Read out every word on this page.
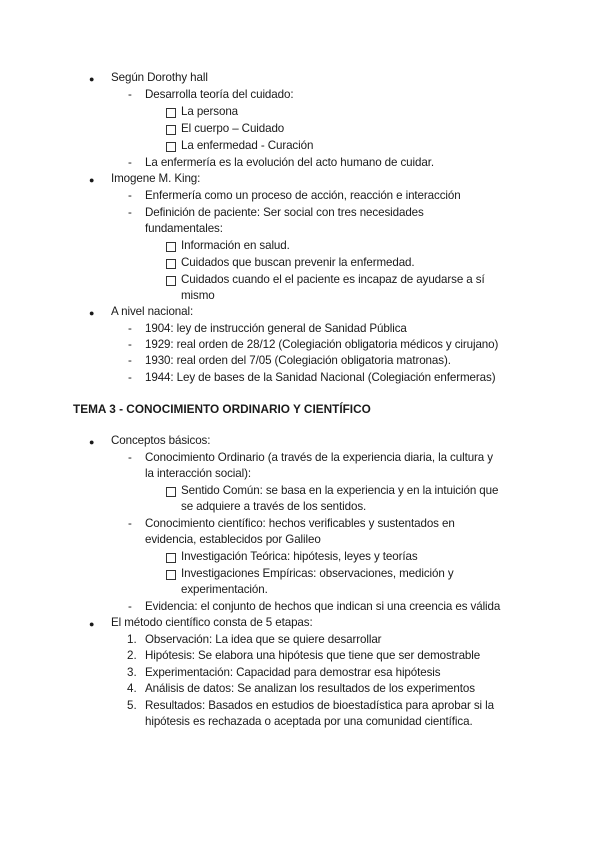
● Según Dorothy hall
- Desarrolla teoría del cuidado:
La persona
El cuerpo – Cuidado
La enfermedad - Curación
- La enfermería es la evolución del acto humano de cuidar.
● Imogene M. King:
- Enfermería como un proceso de acción, reacción e interacción
- Definición de paciente: Ser social con tres necesidades
fundamentales:
Información en salud.
Cuidados que buscan prevenir la enfermedad.
Cuidados cuando el el paciente es incapaz de ayudarse a sí
mismo
● A nivel nacional:
- 1904: ley de instrucción general de Sanidad Pública
- 1929: real orden de 28/12 (Colegiación obligatoria médicos y cirujano)
- 1930: real orden del 7/05 (Colegiación obligatoria matronas).
- 1944: Ley de bases de la Sanidad Nacional (Colegiación enfermeras)
TEMA 3 - CONOCIMIENTO ORDINARIO Y CIENTÍFICO
● Conceptos básicos:
- Conocimiento Ordinario (a través de la experiencia diaria, la cultura y
la interacción social):
Sentido Común: se basa en la experiencia y en la intuición que
se adquiere a través de los sentidos.
- Conocimiento científico: hechos verificables y sustentados en
evidencia, establecidos por Galileo
Investigación Teórica: hipótesis, leyes y teorías
Investigaciones Empíricas: observaciones, medición y
experimentación.
- Evidencia: el conjunto de hechos que indican si una creencia es válida
● El método científico consta de 5 etapas:
1. Observación: La idea que se quiere desarrollar
2. Hipótesis: Se elabora una hipótesis que tiene que ser demostrable
3. Experimentación: Capacidad para demostrar esa hipótesis
4. Análisis de datos: Se analizan los resultados de los experimentos
5. Resultados: Basados en estudios de bioestadística para aprobar si la
hipótesis es rechazada o aceptada por una comunidad científica.
